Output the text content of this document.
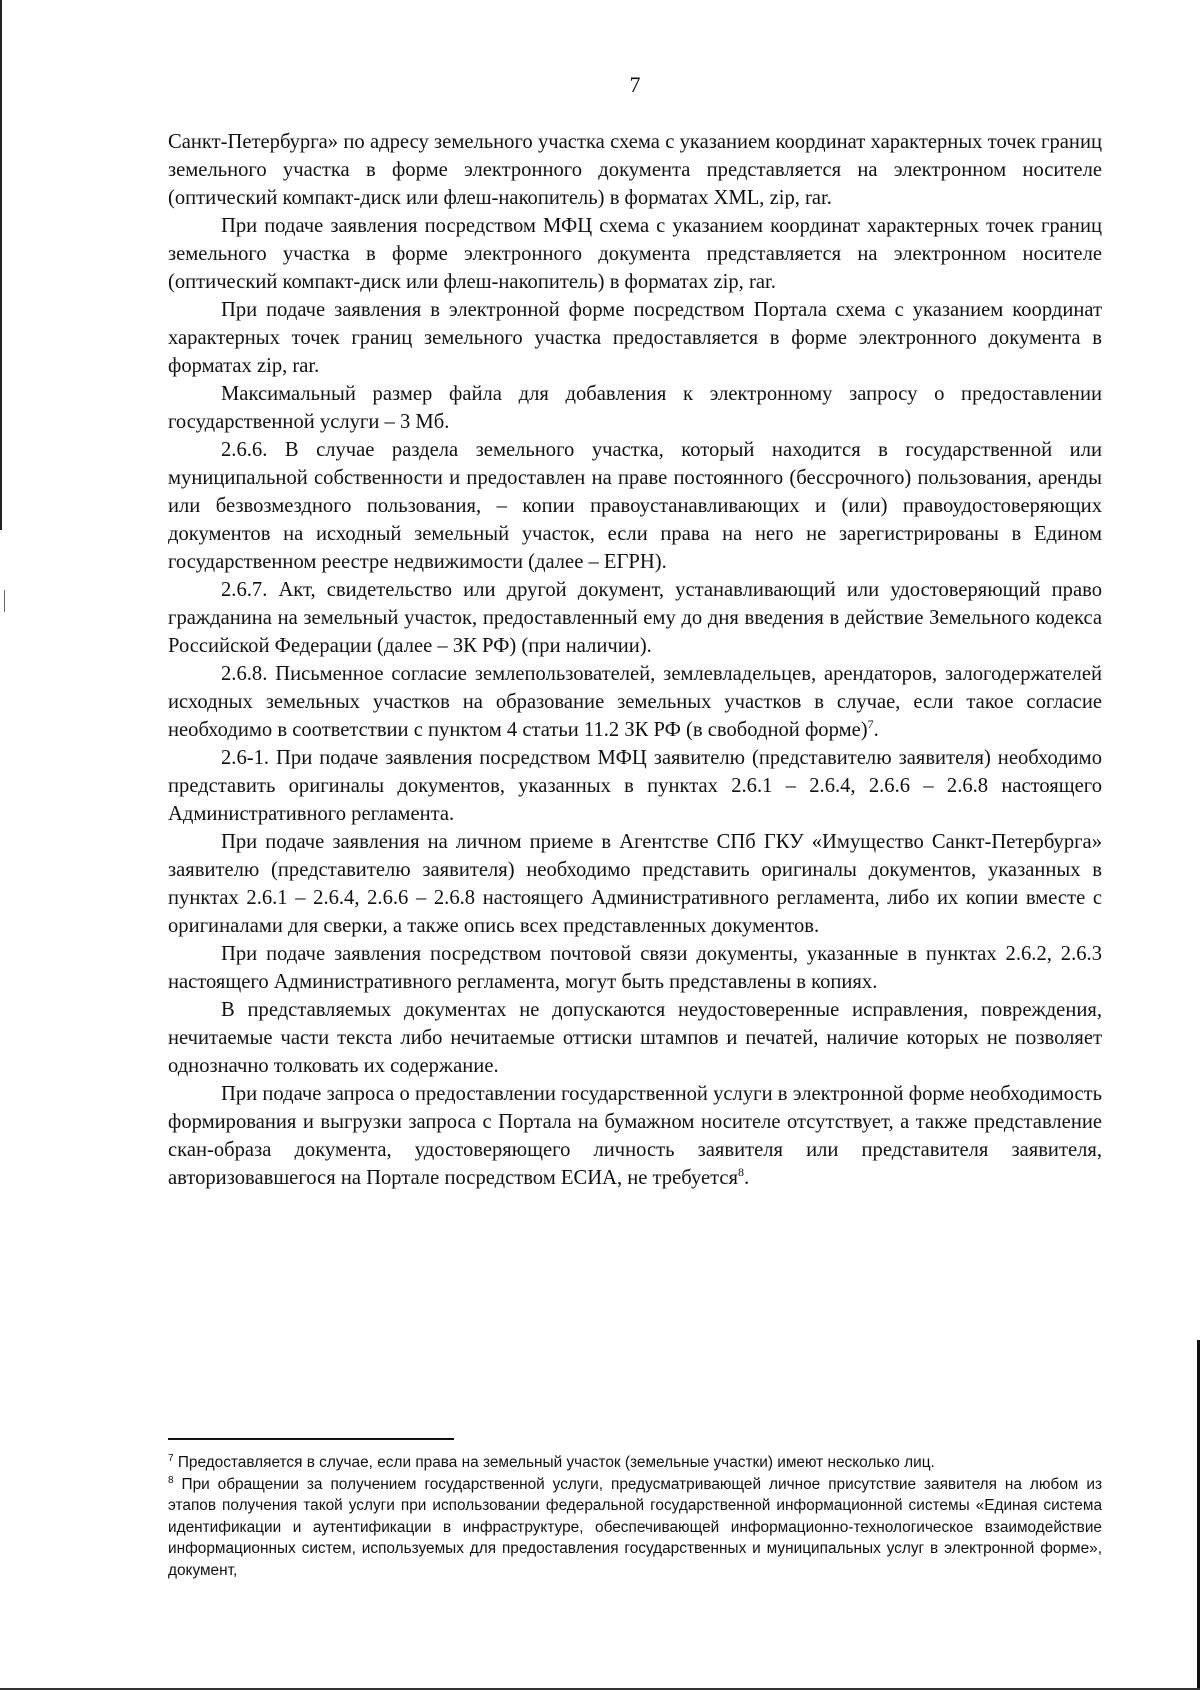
7

Санкт-Петербурга» по адресу земельного участка схема с указанием координат характерных точек границ земельного участка в форме электронного документа представляется на электронном носителе (оптический компакт-диск или флеш-накопитель) в форматах XML, zip, rar.

При подаче заявления посредством МФЦ схема с указанием координат характерных точек границ земельного участка в форме электронного документа представляется на электронном носителе (оптический компакт-диск или флеш-накопитель) в форматах zip, rar.

При подаче заявления в электронной форме посредством Портала схема с указанием координат характерных точек границ земельного участка предоставляется в форме электронного документа в форматах zip, rar.

Максимальный размер файла для добавления к электронному запросу о предоставлении государственной услуги – 3 Мб.

2.6.6. В случае раздела земельного участка, который находится в государственной или муниципальной собственности и предоставлен на праве постоянного (бессрочного) пользования, аренды или безвозмездного пользования, – копии правоустанавливающих и (или) правоудостоверяющих документов на исходный земельный участок, если права на него не зарегистрированы в Едином государственном реестре недвижимости (далее – ЕГРН).

2.6.7. Акт, свидетельство или другой документ, устанавливающий или удостоверяющий право гражданина на земельный участок, предоставленный ему до дня введения в действие Земельного кодекса Российской Федерации (далее – ЗК РФ) (при наличии).

2.6.8. Письменное согласие землепользователей, землевладельцев, арендаторов, залогодержателей исходных земельных участков на образование земельных участков в случае, если такое согласие необходимо в соответствии с пунктом 4 статьи 11.2 ЗК РФ (в свободной форме)$^7$.

2.6-1. При подаче заявления посредством МФЦ заявителю (представителю заявителя) необходимо представить оригиналы документов, указанных в пунктах 2.6.1 – 2.6.4, 2.6.6 – 2.6.8 настоящего Административного регламента.

При подаче заявления на личном приеме в Агентстве СПб ГКУ «Имущество Санкт-Петербурга» заявителю (представителю заявителя) необходимо представить оригиналы документов, указанных в пунктах 2.6.1 – 2.6.4, 2.6.6 – 2.6.8 настоящего Административного регламента, либо их копии вместе с оригиналами для сверки, а также опись всех представленных документов.

При подаче заявления посредством почтовой связи документы, указанные в пунктах 2.6.2, 2.6.3 настоящего Административного регламента, могут быть представлены в копиях.

В представляемых документах не допускаются неудостоверенные исправления, повреждения, нечитаемые части текста либо нечитаемые оттиски штампов и печатей, наличие которых не позволяет однозначно толковать их содержание.

При подаче запроса о предоставлении государственной услуги в электронной форме необходимость формирования и выгрузки запроса с Портала на бумажном носителе отсутствует, а также представление скан-образа документа, удостоверяющего личность заявителя или представителя заявителя, авторизовавшегося на Портале посредством ЕСИА, не требуется$^8$.

$^7$ Предоставляется в случае, если права на земельный участок (земельные участки) имеют несколько лиц.

$^8$ При обращении за получением государственной услуги, предусматривающей личное присутствие заявителя на любом из этапов получения такой услуги при использовании федеральной государственной информационной системы «Единая система идентификации и аутентификации в инфраструктуре, обеспечивающей информационно-технологическое взаимодействие информационных систем, используемых для предоставления государственных и муниципальных услуг в электронной форме», документ,
